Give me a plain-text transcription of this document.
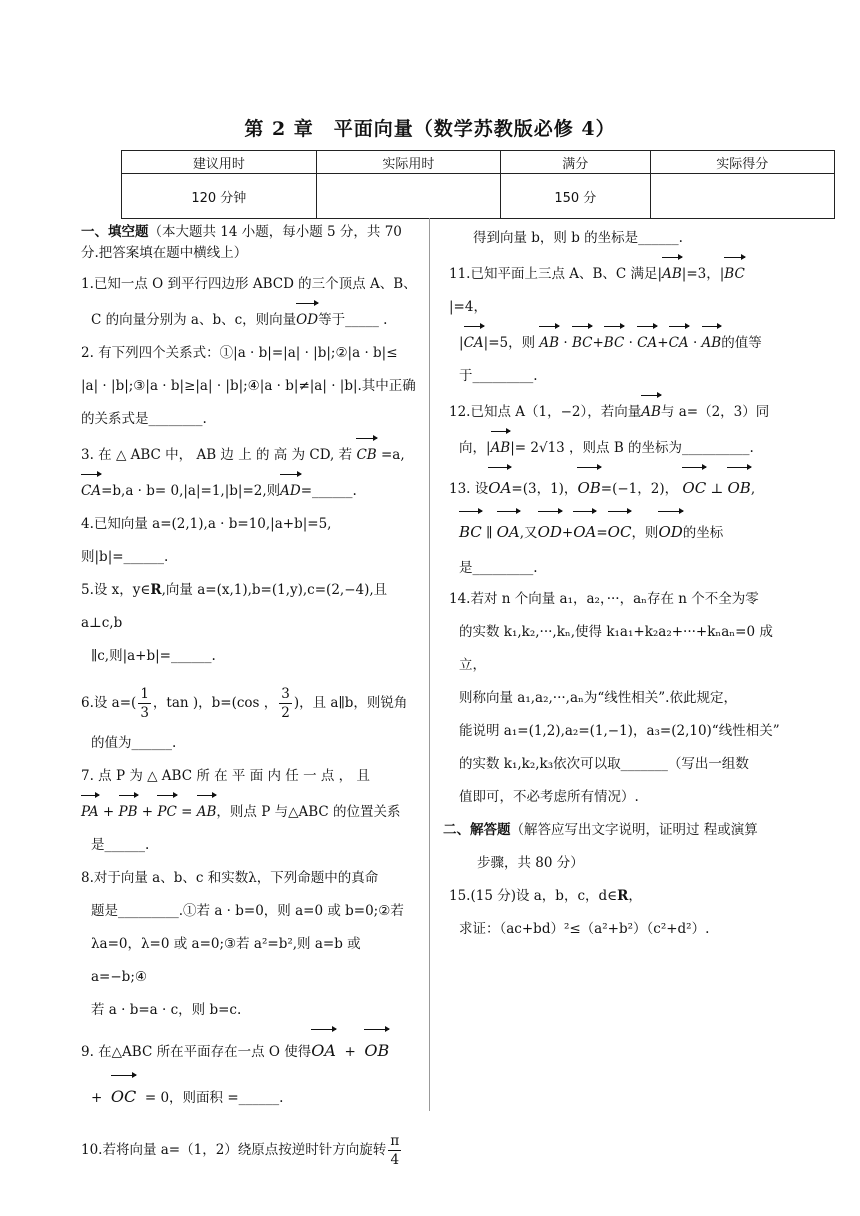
第 2 章　平面向量（数学苏教版必修 4）
建议用时	实际用时	满分	实际得分
120 分钟		150 分	
一、填空题（本大题共 14 小题，每小题 5 分，共 70 分.把答案填在题中横线上）
1.已知一点 O 到平行四边形 ABCD 的三个顶点 A、B、
C 的向量分别为 a、b、c，则向量OD等于_____ .
2. 有下列四个关系式：①|a · b|=|a| · |b|;②|a · b|≤
|a| · |b|;③|a · b|≥|a| · |b|;④|a · b|≠|a| · |b|.其中正确
的关系式是________.
3. 在 △ ABC 中， AB 边 上 的 高 为 CD, 若 CB =a,
CA=b,a · b= 0,|a|=1,|b|=2,则AD=______.
4.已知向量 a=(2,1),a · b=10,|a+b|=5,则|b|=______.
5.设 x，y∈R,向量 a=(x,1),b=(1,y),c=(2,−4),且 a⊥c,b
∥c,则|a+b|=______.
6.设 $a=( \frac{1}{3}$ ，tan )，b=(cos ， $\frac{3}{2}$ )，且 a∥b，则锐角
的值为______.
7. 点 P 为 △ ABC 所 在 平 面 内 任 一 点 ， 且
PA + PB + PC = AB，则点 P 与△ABC 的位置关系
是______.
8.对于向量 a、b、c 和实数λ，下列命题中的真命
题是_________.①若 a · b=0，则 a=0 或 b=0;②若
λa=0，λ=0 或 a=0;③若 a²=b²,则 a=b 或 a=−b;④
若 a · b=a · c，则 b=c.
9. 在△ABC 所在平面存在一点 O 使得OA  +  OB
+  OC = 0，则面积 =______.
10.若将向量 a=（1，2）绕原点按逆时针方向旋转 $\frac{\pi}{4}$
得到向量 b，则 b 的坐标是______.
11.已知平面上三点 A、B、C 满足|AB|=3，|BC|=4，
|CA|=5，则 AB · BC+BC · CA+CA · AB的值等
于_________.
12.已知点 A（1，−2），若向量AB与 a=（2，3）同
向，|AB|= 2√13 ，则点 B 的坐标为__________.
13. 设OA=(3，1)，OB=(−1，2)， OC ⊥ OB,
BC ∥ OA,又OD+OA=OC，则OD的坐标
是_________.
14.若对 n 个向量 a₁，a₂，···，aₙ存在 n 个不全为零
的实数 k₁,k₂,···,kₙ,使得 k₁a₁+k₂a₂+···+kₙaₙ=0 成立，
则称向量 a₁,a₂,···,aₙ为“线性相关”.依此规定，
能说明 a₁=(1,2),a₂=(1,−1)，a₃=(2,10)“线性相关”
的实数 k₁,k₂,k₃依次可以取_______（写出一组数
值即可，不必考虑所有情况）.
二、解答题（解答应写出文字说明，证明过 程或演算
步骤，共 80 分）
15.(15 分)设 a，b，c，d∈R，
求证：（ac+bd）²≤（a²+b²）（c²+d²）.
